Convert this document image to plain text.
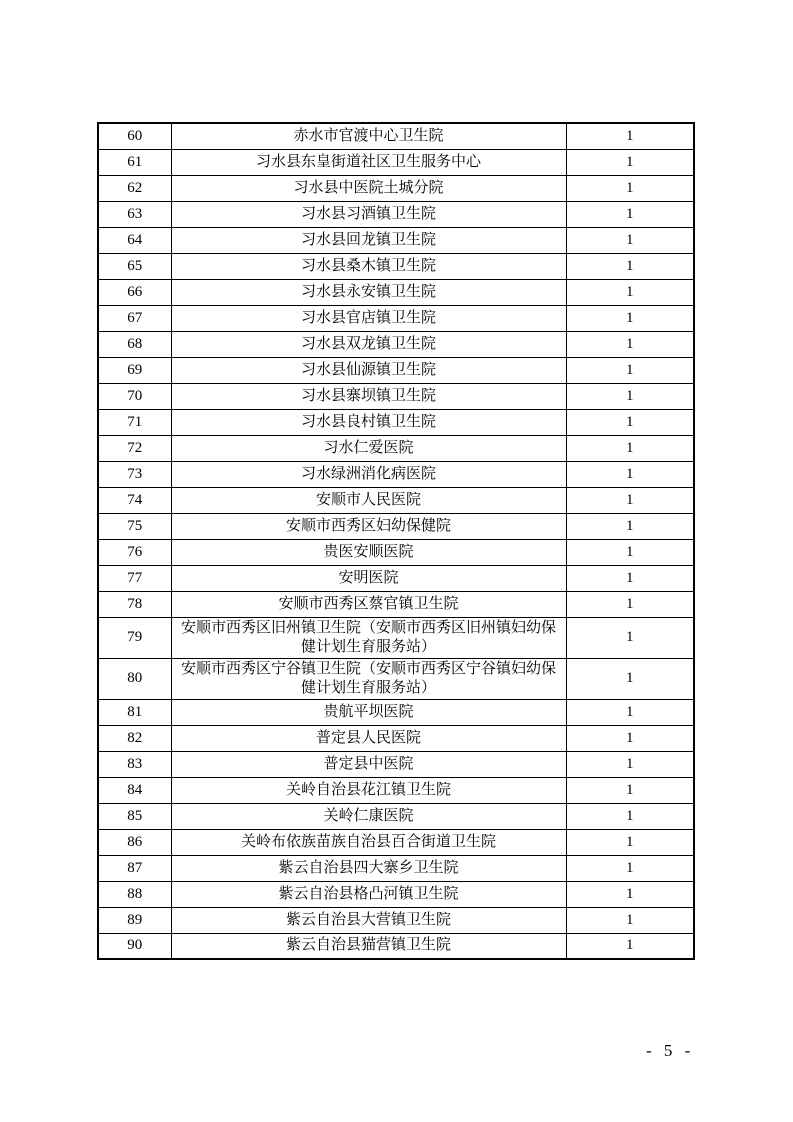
60	赤水市官渡中心卫生院	1
61	习水县东皇街道社区卫生服务中心	1
62	习水县中医院土城分院	1
63	习水县习酒镇卫生院	1
64	习水县回龙镇卫生院	1
65	习水县桑木镇卫生院	1
66	习水县永安镇卫生院	1
67	习水县官店镇卫生院	1
68	习水县双龙镇卫生院	1
69	习水县仙源镇卫生院	1
70	习水县寨坝镇卫生院	1
71	习水县良村镇卫生院	1
72	习水仁爱医院	1
73	习水绿洲消化病医院	1
74	安顺市人民医院	1
75	安顺市西秀区妇幼保健院	1
76	贵医安顺医院	1
77	安明医院	1
78	安顺市西秀区蔡官镇卫生院	1
79	安顺市西秀区旧州镇卫生院（安顺市西秀区旧州镇妇幼保健计划生育服务站）	1
80	安顺市西秀区宁谷镇卫生院（安顺市西秀区宁谷镇妇幼保健计划生育服务站）	1
81	贵航平坝医院	1
82	普定县人民医院	1
83	普定县中医院	1
84	关岭自治县花江镇卫生院	1
85	关岭仁康医院	1
86	关岭布依族苗族自治县百合街道卫生院	1
87	紫云自治县四大寨乡卫生院	1
88	紫云自治县格凸河镇卫生院	1
89	紫云自治县大营镇卫生院	1
90	紫云自治县猫营镇卫生院	1
- 5 -
